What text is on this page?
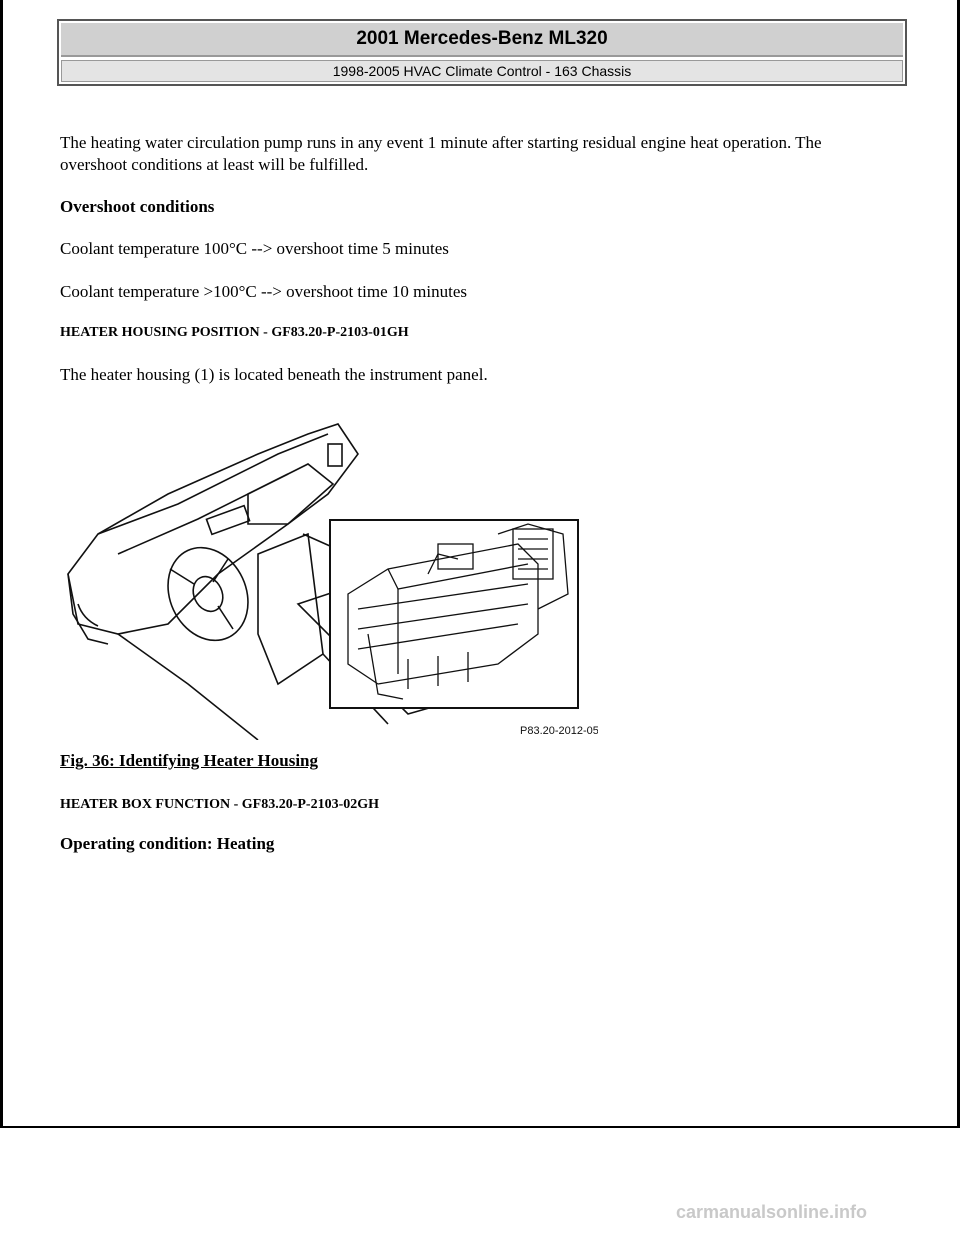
2001 Mercedes-Benz ML320
1998-2005 HVAC Climate Control - 163 Chassis

The heating water circulation pump runs in any event 1 minute after starting residual engine heat operation. The

overshoot conditions at least will be fulfilled.

Overshoot conditions

Coolant temperature 100°C --> overshoot time 5 minutes

Coolant temperature >100°C --> overshoot time 10 minutes

HEATER HOUSING POSITION - GF83.20-P-2103-01GH

The heater housing (1) is located beneath the instrument panel.

P83.20-2012-05

Fig. 36: Identifying Heater Housing

HEATER BOX FUNCTION - GF83.20-P-2103-02GH

Operating condition: Heating

carmanualsonline.info
